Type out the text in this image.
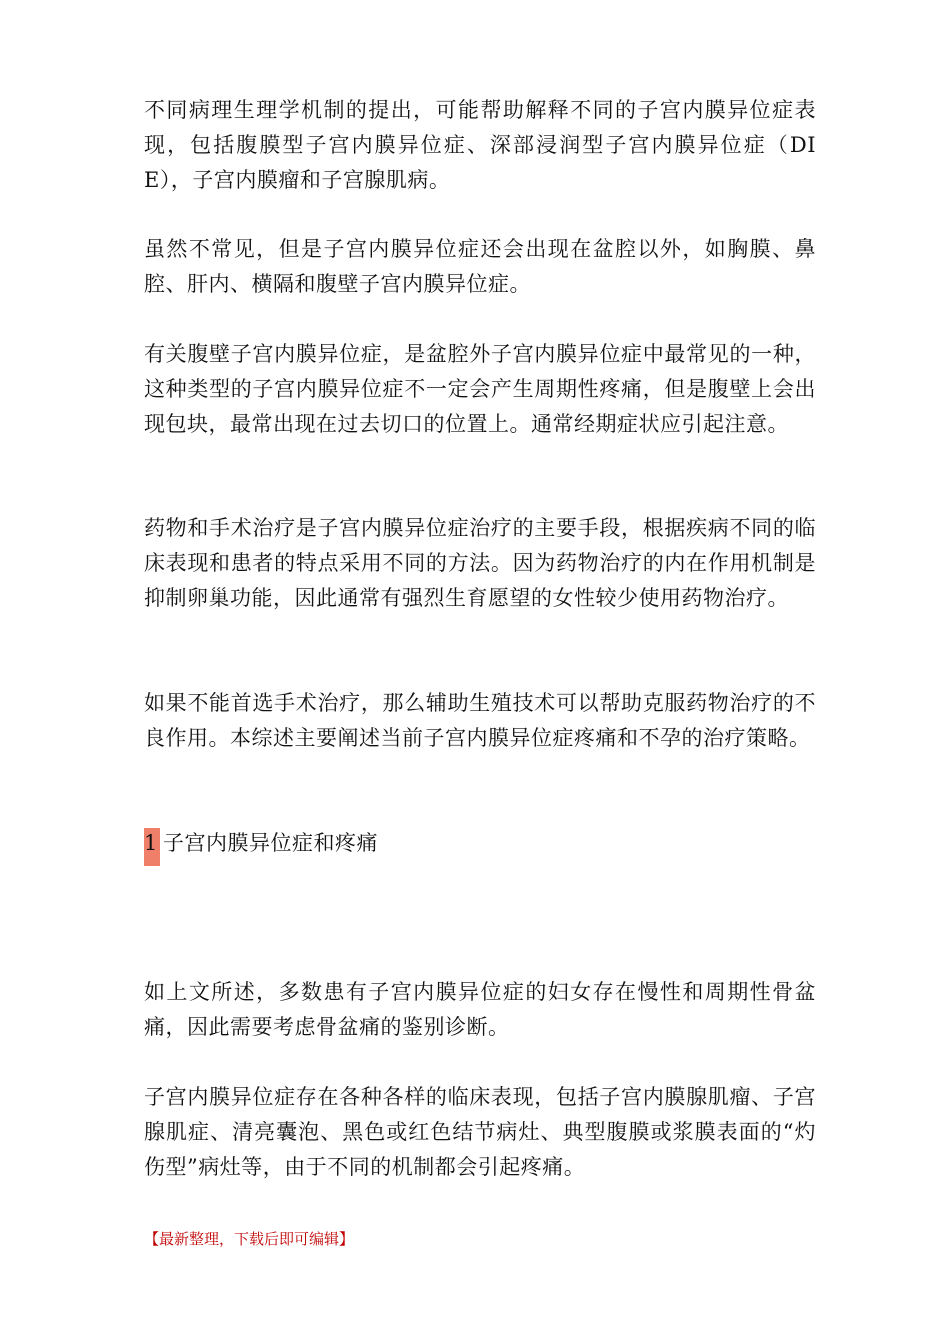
不同病理生理学机制的提出，可能帮助解释不同的子宫内膜异位症表现，包括腹膜型子宫内膜异位症、深部浸润型子宫内膜异位症（DIE），子宫内膜瘤和子宫腺肌病。

虽然不常见，但是子宫内膜异位症还会出现在盆腔以外，如胸膜、鼻腔、肝内、横隔和腹壁子宫内膜异位症。

有关腹壁子宫内膜异位症，是盆腔外子宫内膜异位症中最常见的一种，这种类型的子宫内膜异位症不一定会产生周期性疼痛，但是腹壁上会出现包块，最常出现在过去切口的位置上。通常经期症状应引起注意。

药物和手术治疗是子宫内膜异位症治疗的主要手段，根据疾病不同的临床表现和患者的特点采用不同的方法。因为药物治疗的内在作用机制是抑制卵巢功能，因此通常有强烈生育愿望的女性较少使用药物治疗。

如果不能首选手术治疗，那么辅助生殖技术可以帮助克服药物治疗的不良作用。本综述主要阐述当前子宫内膜异位症疼痛和不孕的治疗策略。

1 子宫内膜异位症和疼痛

如上文所述，多数患有子宫内膜异位症的妇女存在慢性和周期性骨盆痛，因此需要考虑骨盆痛的鉴别诊断。

子宫内膜异位症存在各种各样的临床表现，包括子宫内膜腺肌瘤、子宫腺肌症、清亮囊泡、黑色或红色结节病灶、典型腹膜或浆膜表面的“灼伤型”病灶等，由于不同的机制都会引起疼痛。

【最新整理，下载后即可编辑】
